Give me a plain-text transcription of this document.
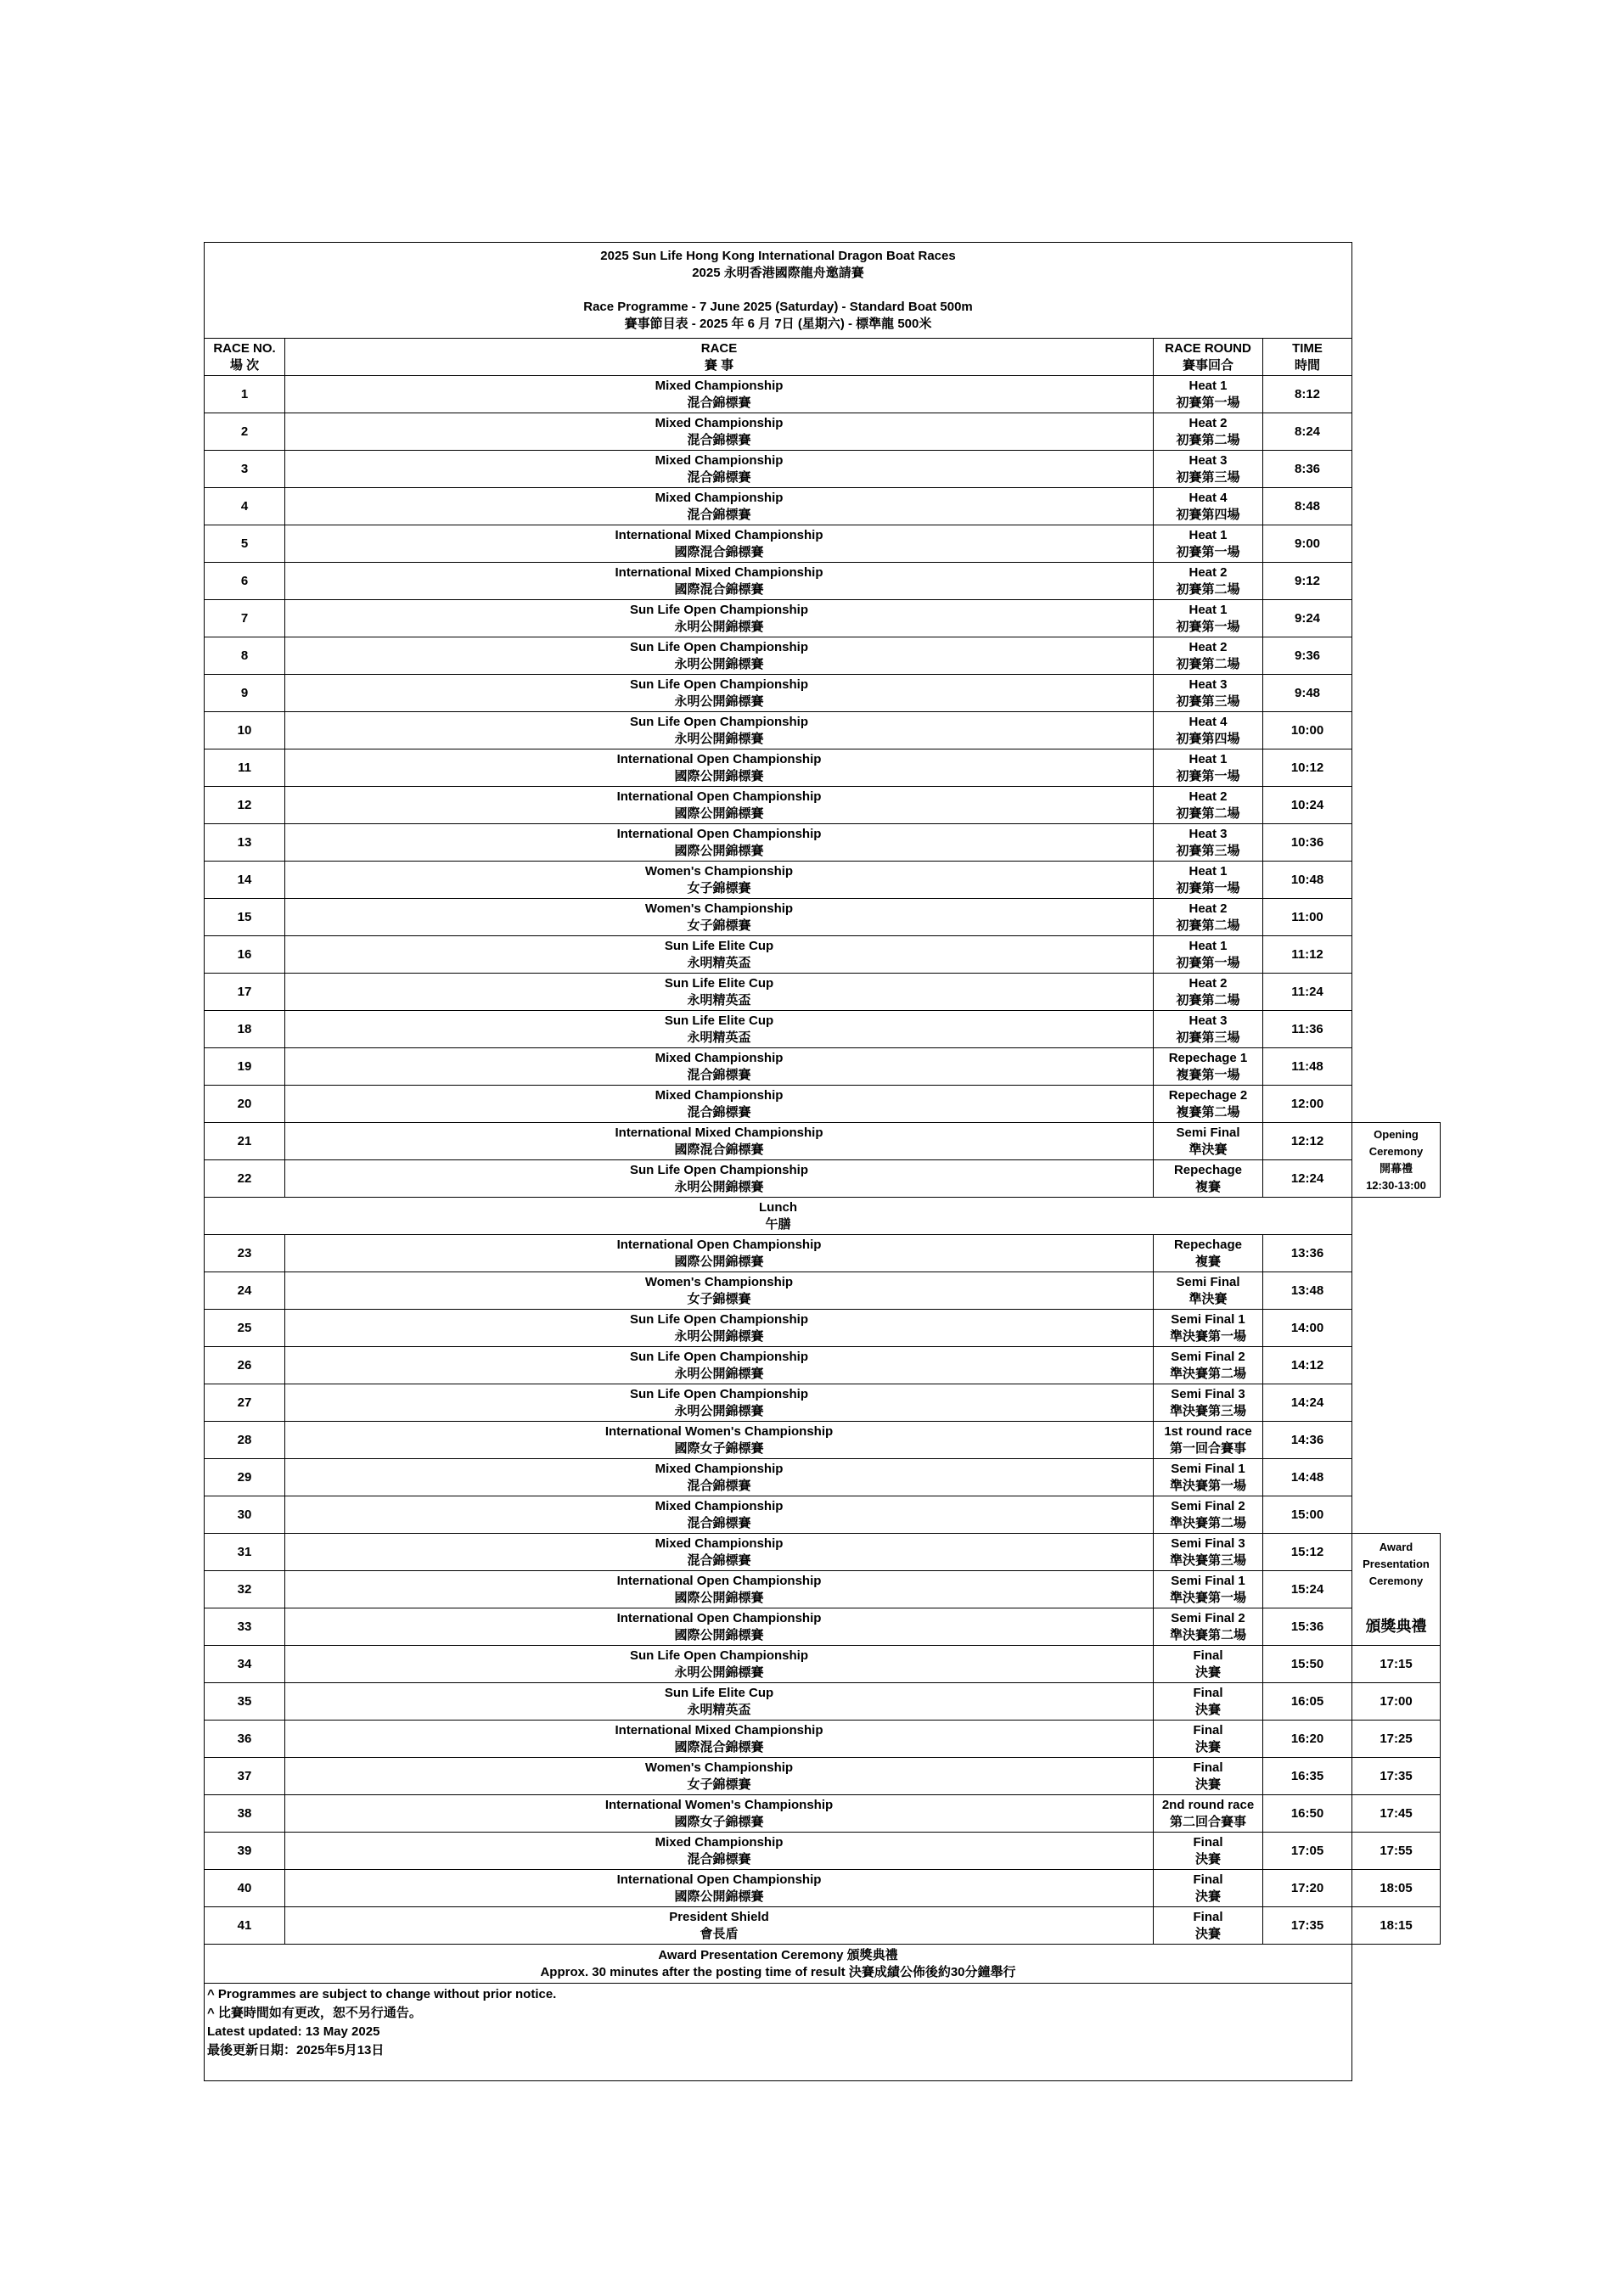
2025 Sun Life Hong Kong International Dragon Boat Races
2025 永明香港國際龍舟邀請賽
Race Programme - 7 June 2025 (Saturday) - Standard Boat 500m
賽事節目表 - 2025 年 6 月 7日 (星期六) - 標準龍 500米				

RACE NO.
場 次	RACE
賽 事	RACE ROUND
賽事回合	TIME
時間	

1	Mixed Championship
混合錦標賽	Heat 1
初賽第一場	8:12	
2	Mixed Championship
混合錦標賽	Heat 2
初賽第二場	8:24	
3	Mixed Championship
混合錦標賽	Heat 3
初賽第三場	8:36	
4	Mixed Championship
混合錦標賽	Heat 4
初賽第四場	8:48	
5	International Mixed Championship
國際混合錦標賽	Heat 1
初賽第一場	9:00	
6	International Mixed Championship
國際混合錦標賽	Heat 2
初賽第二場	9:12	
7	Sun Life Open Championship
永明公開錦標賽	Heat 1
初賽第一場	9:24	
8	Sun Life Open Championship
永明公開錦標賽	Heat 2
初賽第二場	9:36	
9	Sun Life Open Championship
永明公開錦標賽	Heat 3
初賽第三場	9:48	
10	Sun Life Open Championship
永明公開錦標賽	Heat 4
初賽第四場	10:00	
11	International Open Championship
國際公開錦標賽	Heat 1
初賽第一場	10:12	
12	International Open Championship
國際公開錦標賽	Heat 2
初賽第二場	10:24	
13	International Open Championship
國際公開錦標賽	Heat 3
初賽第三場	10:36	
14	Women's Championship
女子錦標賽	Heat 1
初賽第一場	10:48	
15	Women's Championship
女子錦標賽	Heat 2
初賽第二場	11:00	
16	Sun Life Elite Cup
永明精英盃	Heat 1
初賽第一場	11:12	
17	Sun Life Elite Cup
永明精英盃	Heat 2
初賽第二場	11:24	
18	Sun Life Elite Cup
永明精英盃	Heat 3
初賽第三場	11:36	
19	Mixed Championship
混合錦標賽	Repechage 1
複賽第一場	11:48	
20	Mixed Championship
混合錦標賽	Repechage 2
複賽第二場	12:00	
21	International Mixed Championship
國際混合錦標賽	Semi Final
準決賽	12:12	Opening
Ceremony
開幕禮
12:30-13:00

22	Sun Life Open Championship
永明公開錦標賽	Repechage
複賽	12:24	

Lunch
午膳				

23	International Open Championship
國際公開錦標賽	Repechage
複賽	13:36	
24	Women's Championship
女子錦標賽	Semi Final
準決賽	13:48	
25	Sun Life Open Championship
永明公開錦標賽	Semi Final 1
準決賽第一場	14:00	
26	Sun Life Open Championship
永明公開錦標賽	Semi Final 2
準決賽第二場	14:12	
27	Sun Life Open Championship
永明公開錦標賽	Semi Final 3
準決賽第三場	14:24	
28	International Women's Championship
國際女子錦標賽	1st round race
第一回合賽事	14:36	
29	Mixed Championship
混合錦標賽	Semi Final 1
準決賽第一場	14:48	
30	Mixed Championship
混合錦標賽	Semi Final 2
準決賽第二場	15:00	
31	Mixed Championship
混合錦標賽	Semi Final 3
準決賽第三場	15:12	Award
Presentation
Ceremony

32	International Open Championship
國際公開錦標賽	Semi Final 1
準決賽第一場	15:24	
33	International Open Championship
國際公開錦標賽	Semi Final 2
準決賽第二場	15:36	頒獎典禮
34	Sun Life Open Championship
永明公開錦標賽	Final
決賽	15:50	17:15
35	Sun Life Elite Cup
永明精英盃	Final
決賽	16:05	17:00
36	International Mixed Championship
國際混合錦標賽	Final
決賽	16:20	17:25
37	Women's Championship
女子錦標賽	Final
決賽	16:35	17:35
38	International Women's Championship
國際女子錦標賽	2nd round race
第二回合賽事	16:50	17:45
39	Mixed Championship
混合錦標賽	Final
決賽	17:05	17:55
40	International Open Championship
國際公開錦標賽	Final
決賽	17:20	18:05
41	President Shield
會長盾	Final
決賽	17:35	18:15

Award Presentation Ceremony 頒獎典禮
Approx. 30 minutes after the posting time of result 決賽成績公佈後約30分鐘舉行				

^ Programmes are subject to change without prior notice.
^ 比賽時間如有更改，恕不另行通告。
Latest updated: 13 May 2025
最後更新日期：2025年5月13日				
